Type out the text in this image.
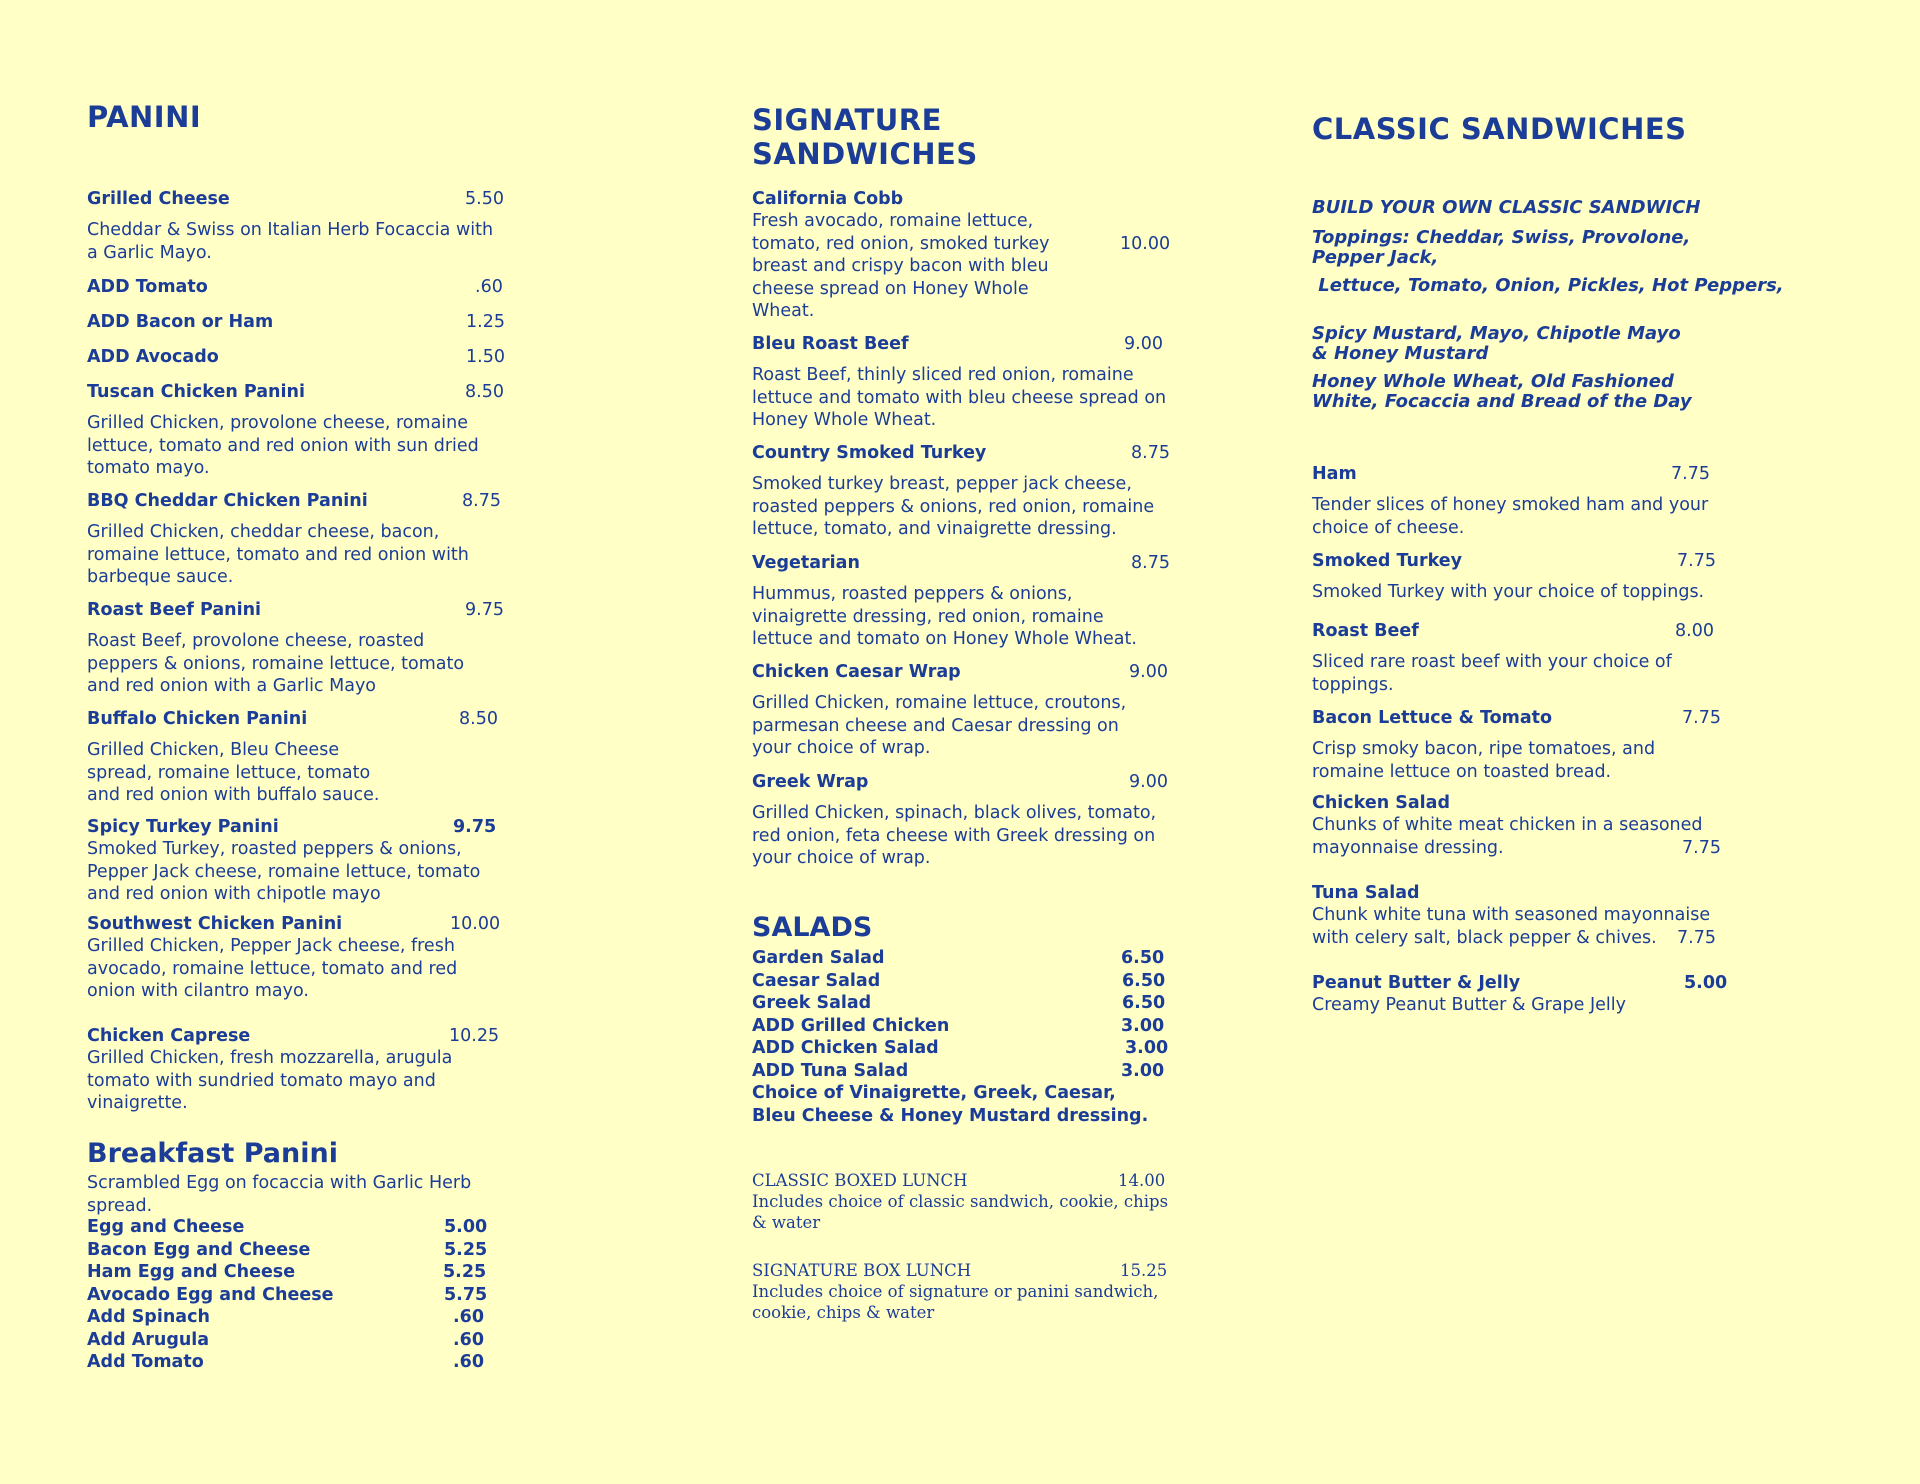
PANINI
Grilled Cheese	5.50

Cheddar & Swiss on Italian Herb Focaccia with a Garlic Mayo.

ADD Tomato	.60
ADD Bacon or Ham	1.25
ADD Avocado	1.50
Tuscan Chicken Panini	8.50

Grilled Chicken, provolone cheese, romaine lettuce, tomato and red onion with sun dried tomato mayo.

BBQ Cheddar Chicken Panini	8.75

Grilled Chicken, cheddar cheese, bacon, romaine lettuce, tomato and red onion with barbeque sauce.

Roast Beef Panini	9.75

Roast Beef, provolone cheese, roasted peppers & onions, romaine lettuce, tomato and red onion with a Garlic Mayo

Buffalo Chicken Panini	8.50

Grilled Chicken, Bleu Cheese spread, romaine lettuce, tomato and red onion with buffalo sauce.

Spicy Turkey Panini	9.75

Smoked Turkey, roasted peppers & onions, Pepper Jack cheese, romaine lettuce, tomato and red onion with chipotle mayo

Southwest Chicken Panini	10.00

Grilled Chicken, Pepper Jack cheese, fresh avocado, romaine lettuce, tomato and red onion with cilantro mayo.

Chicken Caprese	10.25

Grilled Chicken, fresh mozzarella, arugula tomato with sundried tomato mayo and vinaigrette.

Breakfast Panini

Scrambled Egg on focaccia with Garlic Herb spread.

Egg and Cheese	5.00
Bacon Egg and Cheese	5.25
Ham Egg and Cheese	5.25
Avocado Egg and Cheese	5.75
Add Spinach	.60
Add Arugula	.60
Add Tomato	.60
SIGNATURE SANDWICHES
California Cobb

Fresh avocado, romaine lettuce, tomato, red onion, smoked turkey breast and crispy bacon with bleu cheese spread on Honey Whole Wheat.

10.00
Bleu Roast Beef	9.00

Roast Beef, thinly sliced red onion, romaine lettuce and tomato with bleu cheese spread on Honey Whole Wheat.

Country Smoked Turkey	8.75

Smoked turkey breast, pepper jack cheese, roasted peppers & onions, red onion, romaine lettuce, tomato, and vinaigrette dressing.

Vegetarian	8.75

Hummus, roasted peppers & onions, vinaigrette dressing, red onion, romaine lettuce and tomato on Honey Whole Wheat.

Chicken Caesar Wrap	9.00

Grilled Chicken, romaine lettuce, croutons, parmesan cheese and Caesar dressing on your choice of wrap.

Greek Wrap	9.00

Grilled Chicken, spinach, black olives, tomato, red onion, feta cheese with Greek dressing on your choice of wrap.

SALADS
Garden Salad	6.50
Caesar Salad	6.50
Greek Salad	6.50
ADD Grilled Chicken	3.00
ADD Chicken Salad	3.00
ADD Tuna Salad	3.00

Choice of Vinaigrette, Greek, Caesar, Bleu Cheese & Honey Mustard dressing.

CLASSIC BOXED LUNCH	14.00

Includes choice of classic sandwich, cookie, chips & water

SIGNATURE BOX LUNCH	15.25

Includes choice of signature or panini sandwich, cookie, chips & water

CLASSIC SANDWICHES

BUILD YOUR OWN CLASSIC SANDWICH

Toppings: Cheddar, Swiss, Provolone, Pepper Jack,

Lettuce, Tomato, Onion, Pickles, Hot Peppers,

Spicy Mustard, Mayo, Chipotle Mayo & Honey Mustard

Honey Whole Wheat, Old Fashioned White, Focaccia and Bread of the Day

Ham	7.75

Tender slices of honey smoked ham and your choice of cheese.

Smoked Turkey	7.75

Smoked Turkey with your choice of toppings.

Roast Beef	8.00

Sliced rare roast beef with your choice of toppings.

Bacon Lettuce & Tomato	7.75

Crisp smoky bacon, ripe tomatoes, and romaine lettuce on toasted bread.

Chicken Salad

Chunks of white meat chicken in a seasoned mayonnaise dressing.	7.75
Tuna Salad

Chunk white tuna with seasoned mayonnaise with celery salt, black pepper & chives.	7.75
Peanut Butter & Jelly	5.00

Creamy Peanut Butter & Grape Jelly
